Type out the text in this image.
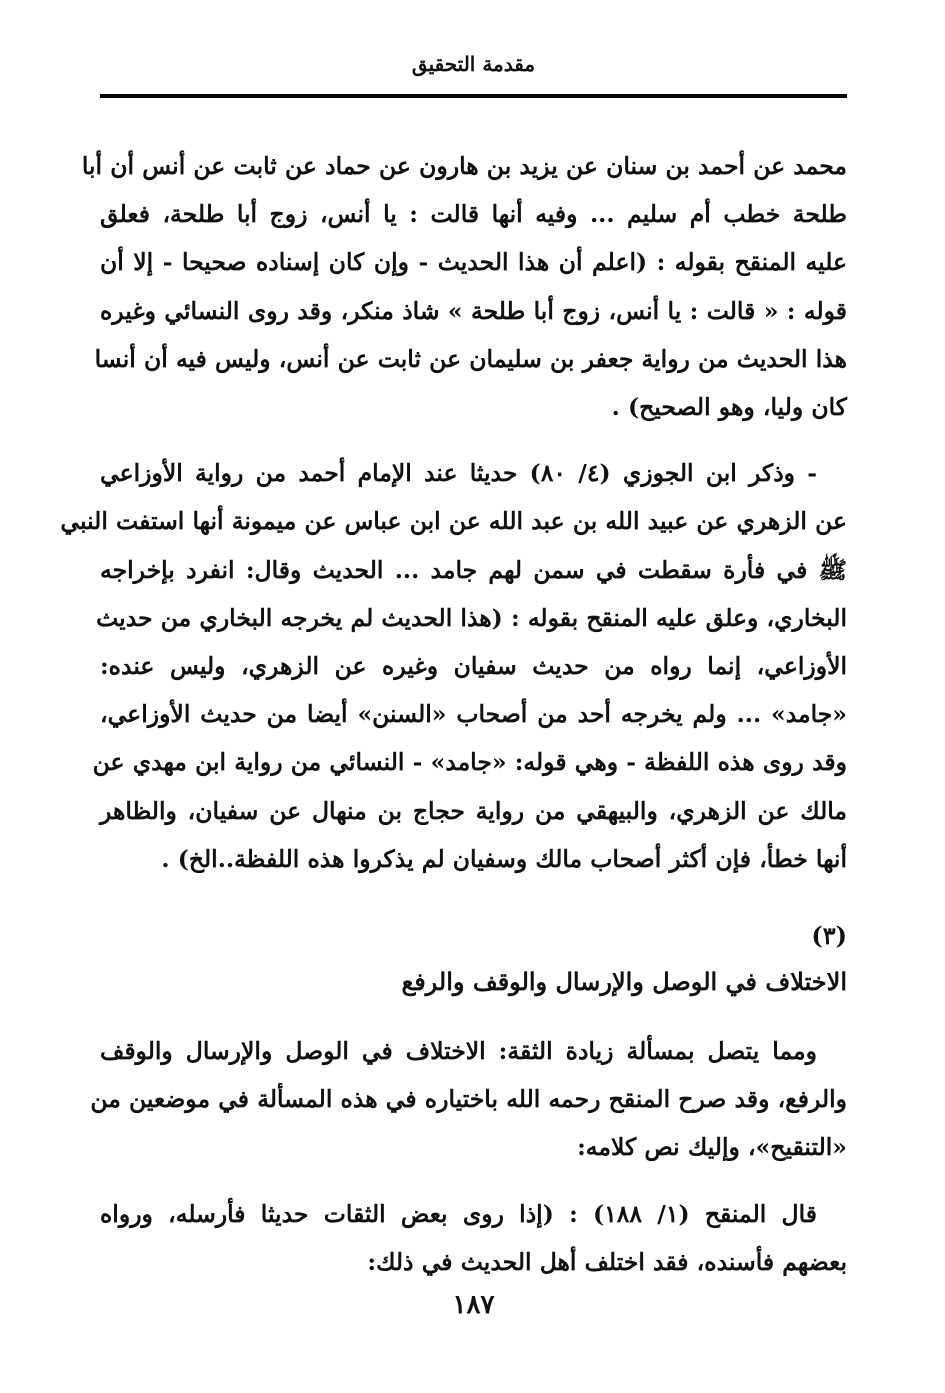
مقدمة التحقيق

محمد عن أحمد بن سنان عن يزيد بن هارون عن حماد عن ثابت عن أنس أن أبا
طلحة خطب أم سليم ... وفيه أنها قالت : يا أنس، زوج أبا طلحة، فعلق
عليه المنقح بقوله : (اعلم أن هذا الحديث - وإن كان إسناده صحيحا - إلا أن
قوله : « قالت : يا أنس، زوج أبا طلحة » شاذ منكر، وقد روى النسائي وغيره
هذا الحديث من رواية جعفر بن سليمان عن ثابت عن أنس، وليس فيه أن أنسا
كان وليا، وهو الصحيح) .

- وذكر ابن الجوزي (٤/ ٨٠) حديثا عند الإمام أحمد من رواية الأوزاعي
عن الزهري عن عبيد الله بن عبد الله عن ابن عباس عن ميمونة أنها استفت النبي
ﷺ في فأرة سقطت في سمن لهم جامد ... الحديث وقال: انفرد بإخراجه
البخاري، وعلق عليه المنقح بقوله : (هذا الحديث لم يخرجه البخاري من حديث
الأوزاعي، إنما رواه من حديث سفيان وغيره عن الزهري، وليس عنده:
«جامد» ... ولم يخرجه أحد من أصحاب «السنن» أيضا من حديث الأوزاعي،
وقد روى هذه اللفظة - وهي قوله: «جامد» - النسائي من رواية ابن مهدي عن
مالك عن الزهري، والبيهقي من رواية حجاج بن منهال عن سفيان، والظاهر
أنها خطأ، فإن أكثر أصحاب مالك وسفيان لم يذكروا هذه اللفظة..الخ) .

(٣)
الاختلاف في الوصل والإرسال والوقف والرفع

ومما يتصل بمسألة زيادة الثقة: الاختلاف في الوصل والإرسال والوقف
والرفع، وقد صرح المنقح رحمه الله باختياره في هذه المسألة في موضعين من
«التنقيح»، وإليك نص كلامه:

قال المنقح (١/ ١٨٨) : (إذا روى بعض الثقات حديثا فأرسله، ورواه
بعضهم فأسنده، فقد اختلف أهل الحديث في ذلك:

١٨٧
